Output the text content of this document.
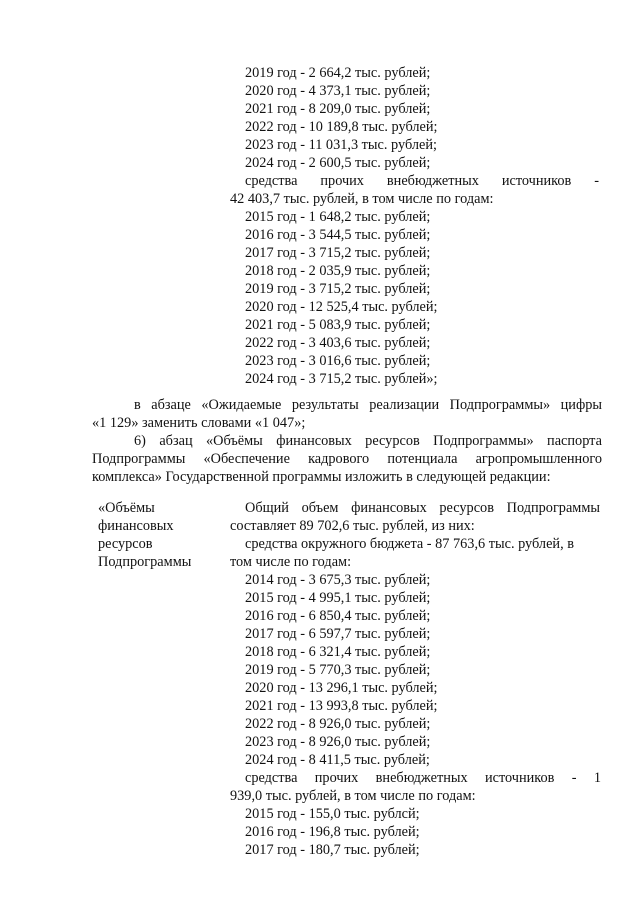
2019 год - 2 664,2 тыс. рублей;
2020 год - 4 373,1 тыс. рублей;
2021 год - 8 209,0 тыс. рублей;
2022 год - 10 189,8 тыс. рублей;
2023 год - 11 031,3 тыс. рублей;
2024 год - 2 600,5 тыс. рублей;
средства прочих внебюджетных источников -
42 403,7 тыс. рублей, в том числе по годам:
2015 год - 1 648,2 тыс. рублей;
2016 год - 3 544,5 тыс. рублей;
2017 год - 3 715,2 тыс. рублей;
2018 год - 2 035,9 тыс. рублей;
2019 год - 3 715,2 тыс. рублей;
2020 год - 12 525,4 тыс. рублей;
2021 год - 5 083,9 тыс. рублей;
2022 год - 3 403,6 тыс. рублей;
2023 год - 3 016,6 тыс. рублей;
2024 год - 3 715,2 тыс. рублей»;
в абзаце «Ожидаемые результаты реализации Подпрограммы» цифры
«1 129» заменить словами «1 047»;
6) абзац «Объёмы финансовых ресурсов Подпрограммы» паспорта
Подпрограммы «Обеспечение кадрового потенциала агропромышленного
комплекса» Государственной программы изложить в следующей редакции:
«Объёмы
финансовых
ресурсов
Подпрограммы
Общий объем финансовых ресурсов Подпрограммы
составляет 89 702,6 тыс. рублей, из них:
средства окружного бюджета - 87 763,6 тыс. рублей, в
том числе по годам:
2014 год - 3 675,3 тыс. рублей;
2015 год - 4 995,1 тыс. рублей;
2016 год - 6 850,4 тыс. рублей;
2017 год - 6 597,7 тыс. рублей;
2018 год - 6 321,4 тыс. рублей;
2019 год - 5 770,3 тыс. рублей;
2020 год - 13 296,1 тыс. рублей;
2021 год - 13 993,8 тыс. рублей;
2022 год - 8 926,0 тыс. рублей;
2023 год - 8 926,0 тыс. рублей;
2024 год - 8 411,5 тыс. рублей;
средства прочих внебюджетных источников - 1
939,0 тыс. рублей, в том числе по годам:
2015 год - 155,0 тыс. рублсй;
2016 год - 196,8 тыс. рублей;
2017 год - 180,7 тыс. рублей;
